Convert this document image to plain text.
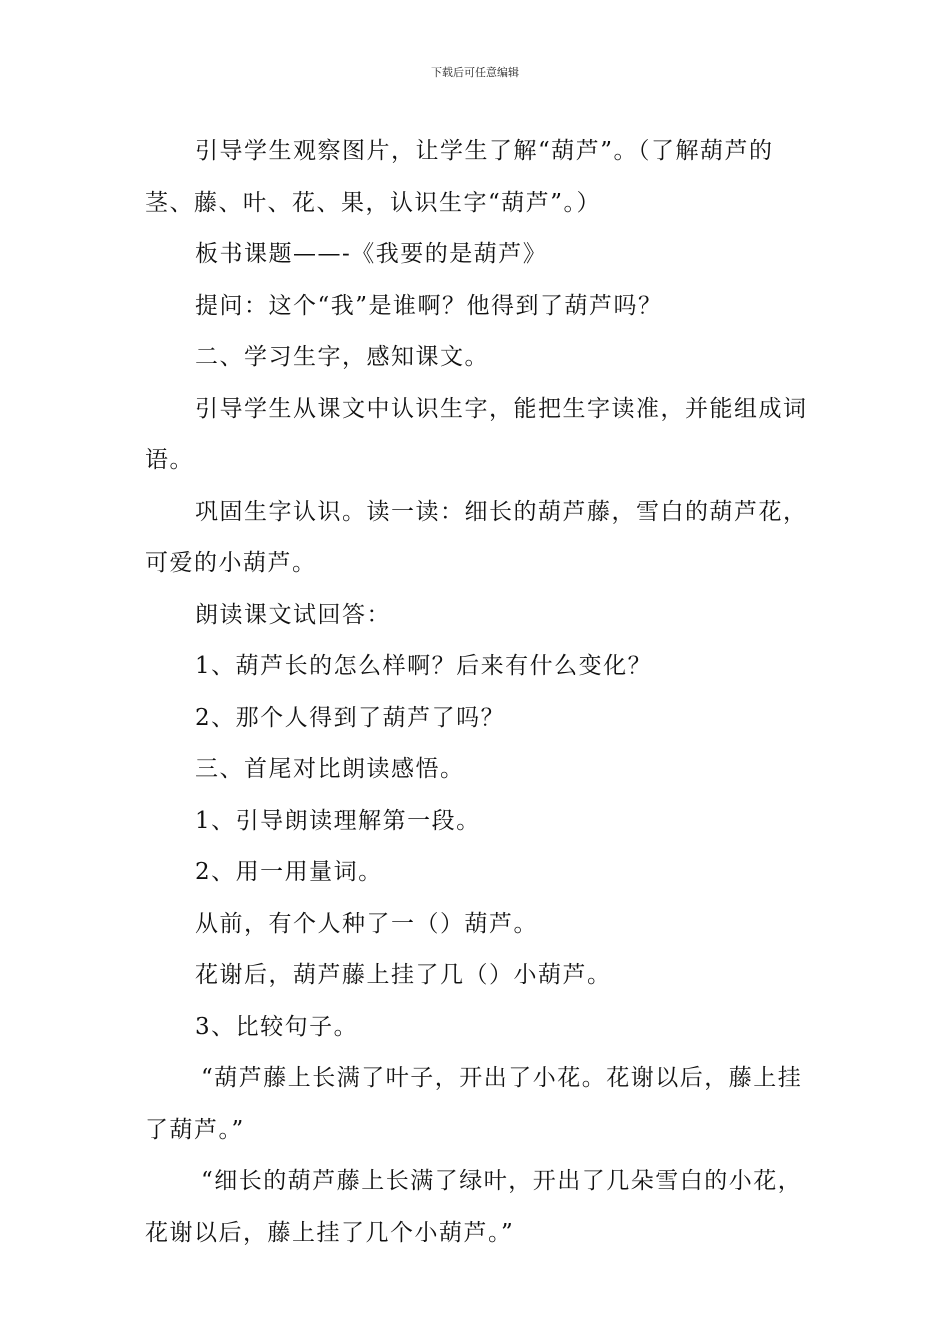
下载后可任意编辑

引导学生观察图片，让学生了解“葫芦”。（了解葫芦的茎、藤、叶、花、果，认识生字“葫芦”。）

板书课题——-《我要的是葫芦》

提问：这个“我”是谁啊？他得到了葫芦吗？

二、学习生字，感知课文。

引导学生从课文中认识生字，能把生字读准，并能组成词语。

巩固生字认识。读一读：细长的葫芦藤，雪白的葫芦花，可爱的小葫芦。

朗读课文试回答：

1、葫芦长的怎么样啊？后来有什么变化？

2、那个人得到了葫芦了吗？

三、首尾对比朗读感悟。

1、引导朗读理解第一段。

2、用一用量词。

从前，有个人种了一（）葫芦。

花谢后，葫芦藤上挂了几（）小葫芦。

3、比较句子。

“葫芦藤上长满了叶子，开出了小花。花谢以后，藤上挂了葫芦。”

“细长的葫芦藤上长满了绿叶，开出了几朵雪白的小花，花谢以后，藤上挂了几个小葫芦。”
